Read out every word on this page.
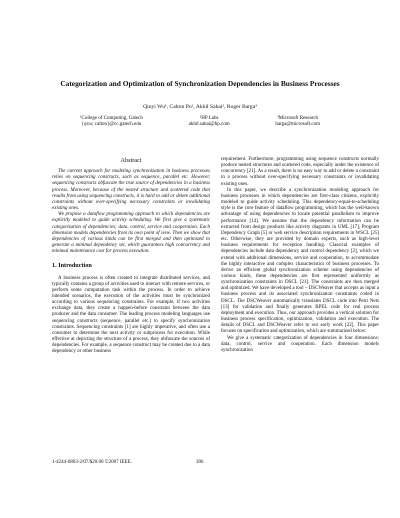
Categorization and Optimization of Synchronization Dependencies in Business Processes
Qinyi Wu¹, Calton Pu¹, Akhil Sahai², Roger Barga³
¹College of Computing, Gatech
{qxw, calton}@cc.gatech.edu
²HP Labs
akhil.sahai@hp.com
³Microsoft Research
barga@microsoft.com
Abstract

The current approach for modeling synchronization in business processes relies on sequencing constructs, such as sequence, parallel etc. However, sequencing constructs obfuscate the true source of dependencies in a business process. Moreover, because of the nested structure and scattered code that results from using sequencing constructs, it is hard to add or delete additional constraints without over-specifying necessary constraints or invalidating existing ones.

We propose a dataflow programming approach in which dependencies are explicitly modeled to guide activity scheduling. We first give a systematic categorization of dependencies; data, control, service and cooperation. Each dimension models dependencies from its own point of view. Then we show that dependencies of various kinds can be first merged and then optimized to generate a minimal dependency set, which guarantees high concurrency and minimal maintenance cost for process execution.

1. Introduction

A business process is often created to integrate distributed services, and typically contains a group of activities used to interact with remote services, or perform some computation task within the process. In order to achieve intended scenarios, the execution of the activities must be synchronized according to various sequencing constraints. For example, if two activities exchange data, they create a happen-before constraint between the data producer and the data consumer. The leading process modeling languages use sequencing constructs (sequence, parallel etc.) to specify synchronization constraints. Sequencing constraints [1] are highly imperative, and often use a consumer to determine the next activity or subprocess for execution. While effective at depicting the structure of a process, they obfuscate the sources of dependencies. For example, a sequence construct may be created due to a data dependency or other business

requirement. Furthermore, programming using sequence constructs normally produce nested structures and scattered code, especially under the existence of concurrency [21]. As a result, there is no easy way to add or delete a constraint in a process without over-specifying necessary constraints or invalidating existing ones.

In this paper, we describe a synchronization modeling approach for business processes in which dependencies are first-class citizens, explicitly modeled to guide activity scheduling. This dependency-equal-to-scheduling style is the core feature of dataflow programming, which has the well-known advantage of using dependencies to locate potential parallelism to improve performance [14]. We assume that the dependency information can be extracted from design products like activity diagrams in UML [17], Program Dependency Graph [5] or web service description requirements in WSCL [25] etc. Otherwise, they are provided by domain experts, such as high-level business requirements for exception handling. Classical examples of dependencies include data dependency and control dependency [2], which we extend with additional dimensions, service and cooperation, to accommodate the highly interactive and complex characteristics of business processes. To derive an efficient global synchronization scheme using dependencies of various kinds, these dependencies are first represented uniformly as synchronization constraints in DSCL [21]. The constraints are then merged and optimized. We have developed a tool – DSCWeaver that accepts as input a business process and its associated synchronization constraints coded in DSCL. The DSCWeaver automatically translates DSCL code into Petri Nets [13] for validation and finally generates BPEL code for real process deployment and execution. Thus, our approach provides a vertical solution for business process specification, optimization, validation and execution. The details of DSCL and DSCWeaver refer to our early work [22]. This paper focuses on specification and optimization, which are summarized below:

We give a systematic categorization of dependencies in four dimensions: data, control, service and cooperation. Each dimension models synchronization

1-4244-0803-2/07/$20.00 ©2007 IEEE.	306
